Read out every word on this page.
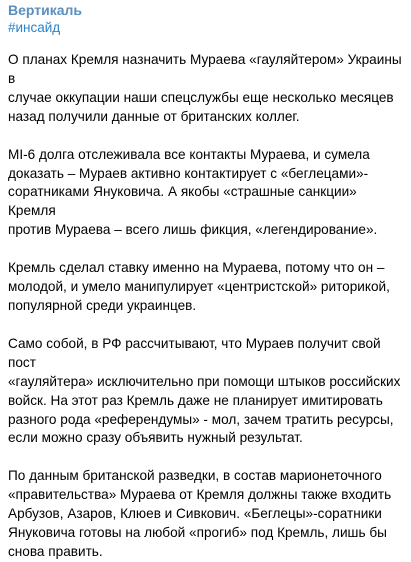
Вертикаль
#инсайд

О планах Кремля назначить Мураева «гауляйтером» Украины в
случае оккупации наши спецслужбы еще несколько месяцев
назад получили данные от британских коллег.

MI-6 долга отслеживала все контакты Мураева, и сумела
доказать – Мураев активно контактирует с «беглецами»-
соратниками Януковича. А якобы «страшные санкции» Кремля
против Мураева – всего лишь фикция, «легендирование».

Кремль сделал ставку именно на Мураева, потому что он –
молодой, и умело манипулирует «центристской» риторикой,
популярной среди украинцев.

Само собой, в РФ рассчитывают, что Мураев получит свой пост
«гауляйтера» исключительно при помощи штыков российских
войск. На этот раз Кремль даже не планирует имитировать
разного рода «референдумы» - мол, зачем тратить ресурсы,
если можно сразу объявить нужный результат.

По данным британской разведки, в состав марионеточного
«правительства» Мураева от Кремля должны также входить
Арбузов, Азаров, Клюев и Сивкович. «Беглецы»-соратники
Януковича готовы на любой «прогиб» под Кремль, лишь бы
снова править.
